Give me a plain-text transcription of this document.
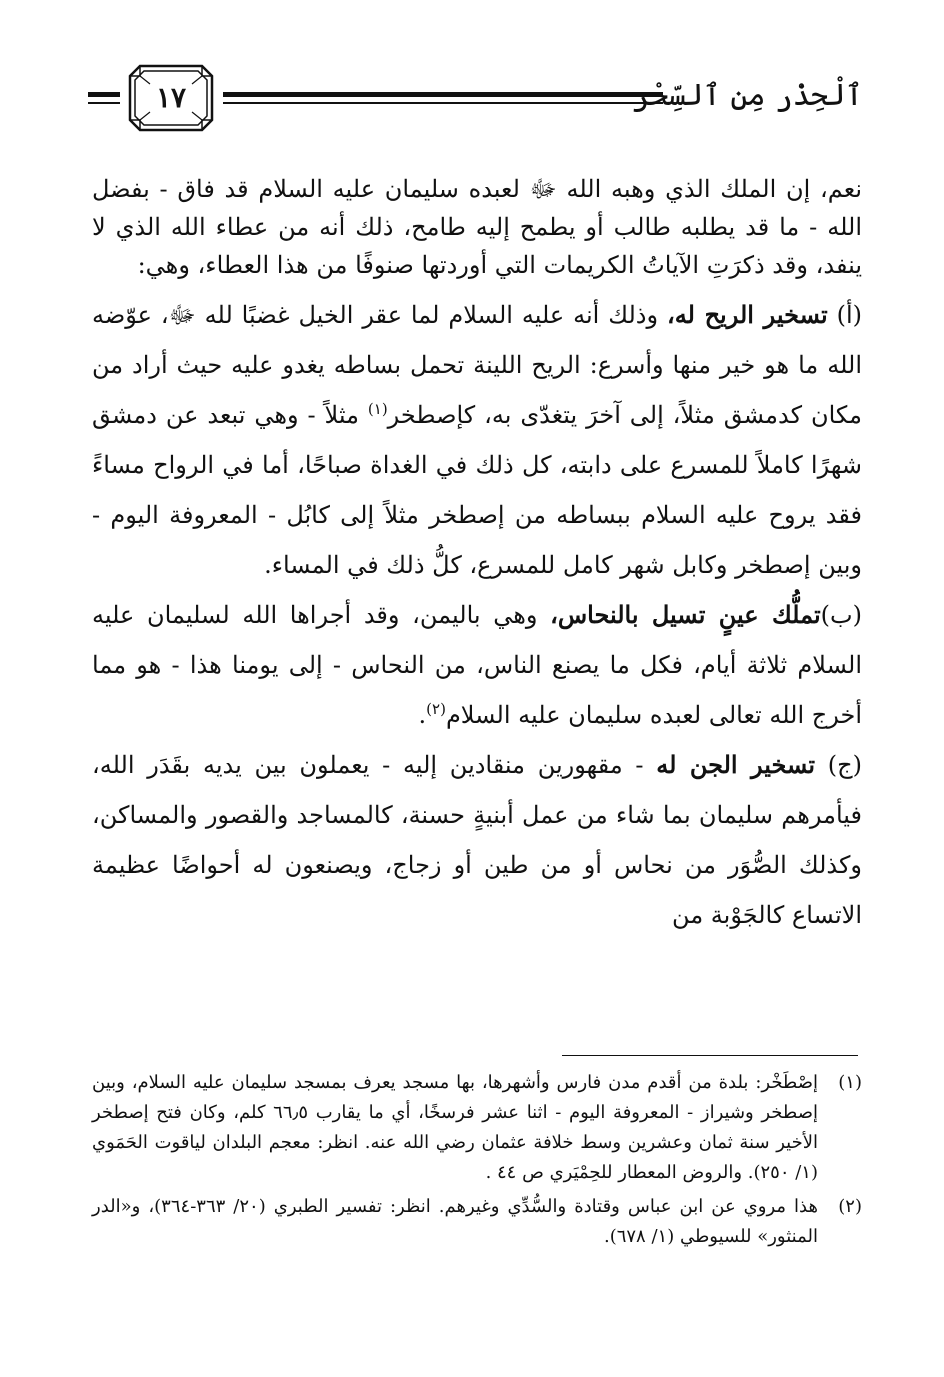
ٱلْحِذْر مِن ٱلسِّحْر
١٧

نعم، إن الملك الذي وهبه الله ﷻ لعبده سليمان عليه السلام قد فاق - بفضل الله - ما قد يطلبه طالب أو يطمح إليه طامح، ذلك أنه من عطاء الله الذي لا ينفد، وقد ذكرَتِ الآياتُ الكريمات التي أوردتها صنوفًا من هذا العطاء، وهي:

(أ) تسخير الريح له، وذلك أنه عليه السلام لما عقر الخيل غضبًا لله ﷻ، عوّضه الله ما هو خير منها وأسرع: الريح اللينة تحمل بساطه يغدو عليه حيث أراد من مكان كدمشق مثلاً، إلى آخرَ يتغدّى به، كإصطخر$^{(١)}$ مثلاً - وهي تبعد عن دمشق شهرًا كاملاً للمسرع على دابته، كل ذلك في الغداة صباحًا، أما في الرواح مساءً فقد يروح عليه السلام ببساطه من إصطخر مثلاً إلى كابُل - المعروفة اليوم - وبين إصطخر وكابل شهر كامل للمسرع، كلُّ ذلك في المساء.

(ب)تملُّك عينٍ تسيل بالنحاس، وهي باليمن، وقد أجراها الله لسليمان عليه السلام ثلاثة أيام، فكل ما يصنع الناس، من النحاس - إلى يومنا هذا - هو مما أخرج الله تعالى لعبده سليمان عليه السلام$^{(٢)}$.

(ج) تسخير الجن له - مقهورين منقادين إليه - يعملون بين يديه بقَدَر الله، فيأمرهم سليمان بما شاء من عمل أبنيةٍ حسنة، كالمساجد والقصور والمساكن، وكذلك الصُّوَر من نحاس أو من طين أو زجاج، ويصنعون له أحواضًا عظيمة الاتساع كالجَوْبة من

(١)
إصْطَخْر: بلدة من أقدم مدن فارس وأشهرها، بها مسجد يعرف بمسجد سليمان عليه السلام، وبين إصطخر وشيراز - المعروفة اليوم - اثنا عشر فرسخًا، أي ما يقارب ٦٦٫٥ كلم، وكان فتح إصطخر الأخير سنة ثمان وعشرين وسط خلافة عثمان رضي الله عنه. انظر: معجم البلدان لياقوت الحَمَوي (١/ ٢٥٠). والروض المعطار للحِمْيَري ص ٤٤ .
(٢)
هذا مروي عن ابن عباس وقتادة والسُّدِّي وغيرهم. انظر: تفسير الطبري (٢٠/ ٣٦٣-٣٦٤)، و«الدر المنثور» للسيوطي (١/ ٦٧٨).
